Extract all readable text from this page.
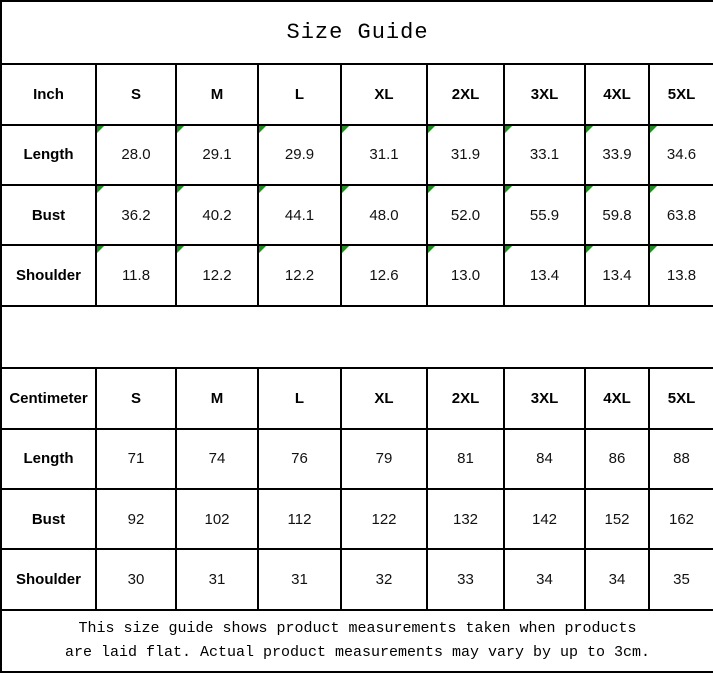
Size Guide								
Inch	S	M	L	XL	2XL	3XL	4XL	5XL
Length	28.0	29.1	29.9	31.1	31.9	33.1	33.9	34.6
Bust	36.2	40.2	44.1	48.0	52.0	55.9	59.8	63.8
Shoulder	11.8	12.2	12.2	12.6	13.0	13.4	13.4	13.8

Centimeter	S	M	L	XL	2XL	3XL	4XL	5XL
Length	71	74	76	79	81	84	86	88
Bust	92	102	112	122	132	142	152	162
Shoulder	30	31	31	32	33	34	34	35

This size guide shows product measurements taken when products
are laid flat. Actual product measurements may vary by up to 3cm.								
